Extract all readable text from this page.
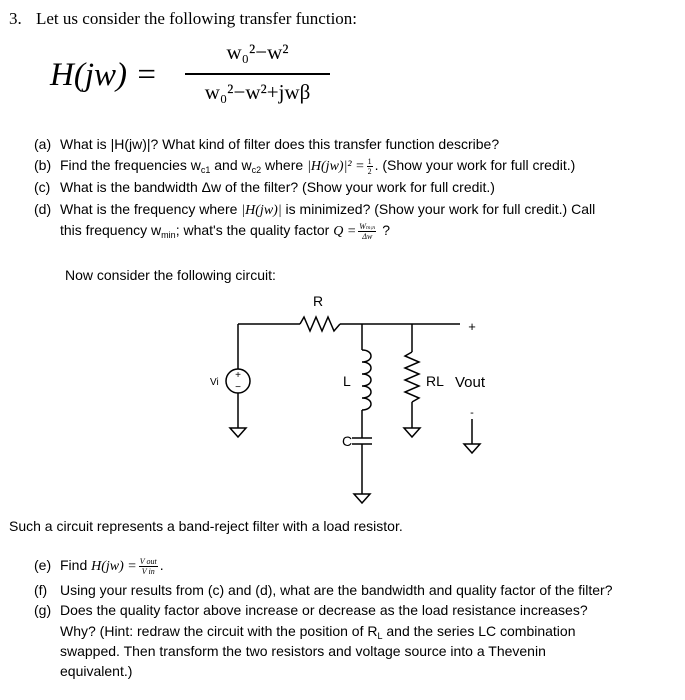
3. Let us consider the following transfer function:
H(jw) =
w₀²−w²
w₀²−w²+jwβ
(a) What is |H(jw)|? What kind of filter does this transfer function describe?
(b) Find the frequencies $w_{c1}$ and $w_{c2}$ where $|H(jw)|^2 = \frac{1}{2}$ . (Show your work for full credit.)
(c) What is the bandwidth Δw of the filter? (Show your work for full credit.)
(d) What is the frequency where |H(jw)| is minimized? (Show your work for full credit.) Call
this frequency $w_{min}$; what's the quality factor $Q = \frac{\text{Wₘᵢₙ}}{\Delta w}$ ?
Now consider the following circuit:
R
Vi
+
−	L
C
RL Vout
+
-
Such a circuit represents a band-reject filter with a load resistor.
(e) Find $H(jw) = \frac{\text{V out}}{\text{V in}}$ .
(f) Using your results from (c) and (d), what are the bandwidth and quality factor of the filter?
(g) Does the quality factor above increase or decrease as the load resistance increases?
Why? (Hint: redraw the circuit with the position of $R_L$ and the series LC combination
swapped. Then transform the two resistors and voltage source into a Thevenin
equivalent.)
